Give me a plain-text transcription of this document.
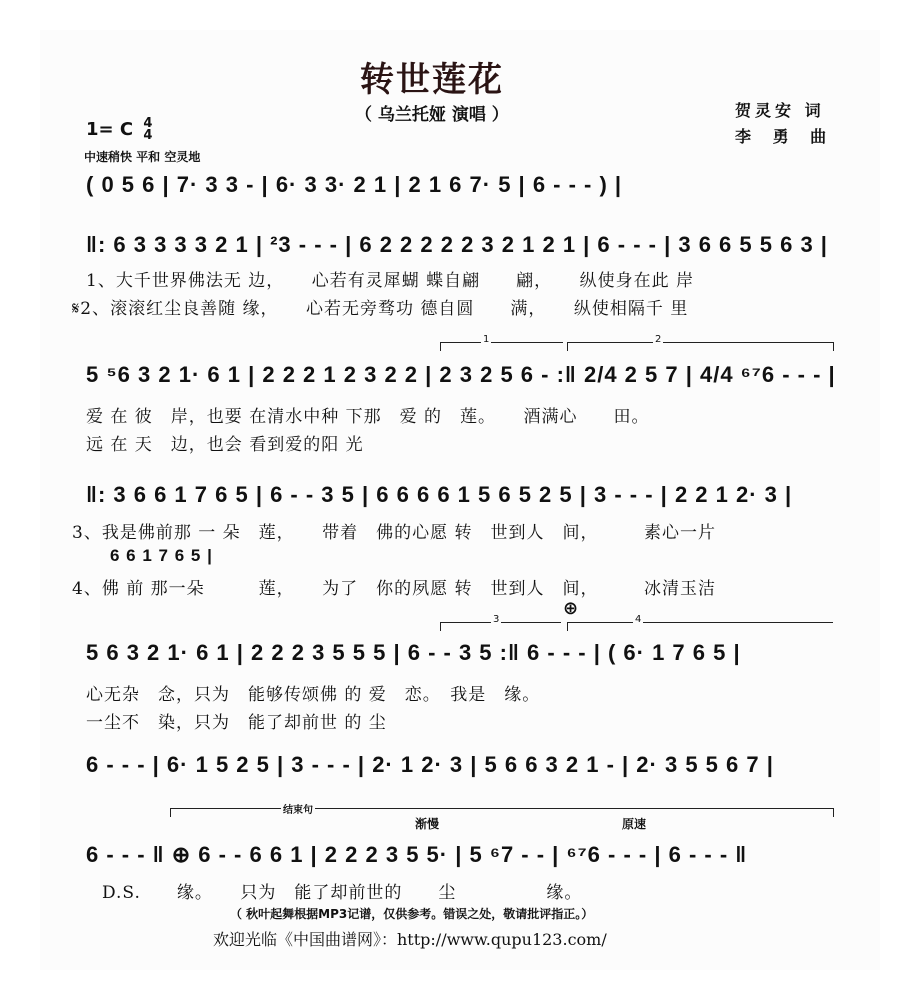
转世莲花
（ 乌兰托娅 演唱 ）	贺灵安 词
李 勇 曲
1= C 4
4
中速稍快 平和 空灵地
( 0 5 6 | 7· 3 3 - | 6· 3 3· 2 1 | 2 1 6 7· 5 | 6 - - - ) |
‖: 6 3 3 3 3 2 1 | ²3 - - - | 6 2 2 2 2 2 3 2 1 2 1 | 6 - - - | 3 6 6 5 5 6 3 |
1、大千世界佛法无 边，　　心若有灵犀蝴 蝶自翩　　翩，　　纵使身在此 岸
𝄋2、滚滚红尘良善随 缘，　　心若无旁骛功 德自圆　　满，　　纵使相隔千 里
1	2
5 ⁵6 3 2 1· 6 1 | 2 2 2 1 2 3 2 2 | 2 3 2 5 6 - :‖ 2/4 2 5 7 | 4/4 ⁶⁷6 - - - |
爱 在 彼　岸，也要 在清水中种 下那　爱 的　莲。　　酒满心　　田。
远 在 天　边，也会 看到爱的阳 光
‖: 3 6 6 1 7 6 5 | 6 - - 3 5 | 6 6 6 6 1 5 6 5 2 5 | 3 - - - | 2 2 1 2· 3 |
3、我是佛前那 一 朵　莲，　　带着　佛的心愿 转　世到人　间，　　　素心一片
6 6 1 7 6 5 |
4、佛 前 那一朵　　　莲，　　为了　你的夙愿 转　世到人　间，　　　冰清玉洁
⊕
3	4
5 6 3 2 1· 6 1 | 2 2 2 3 5 5 5 | 6 - - 3 5 :‖ 6 - - - | ( 6· 1 7 6 5 |
心无杂　念，只为　能够传颂佛 的 爱　恋。　我是　缘。
一尘不　染，只为　能了却前世 的 尘
6 - - - | 6· 1 5 2 5 | 3 - - - | 2· 1 2· 3 | 5 6 6 3 2 1 - | 2· 3 5 5 6 7 |
结束句
渐慢	原速
6 - - - ‖ ⊕ 6 - - 6 6 1 | 2 2 2 3 5 5· | 5 ⁶7 - - | ⁶⁷6 - - - | 6 - - - ‖
D.S.　　缘。　　只为　能了却前世的　　尘　　　　　缘。
（ 秋叶起舞根据MP3记谱，仅供参考。错误之处，敬请批评指正。）
欢迎光临《中国曲谱网》：http://www.qupu123.com/
